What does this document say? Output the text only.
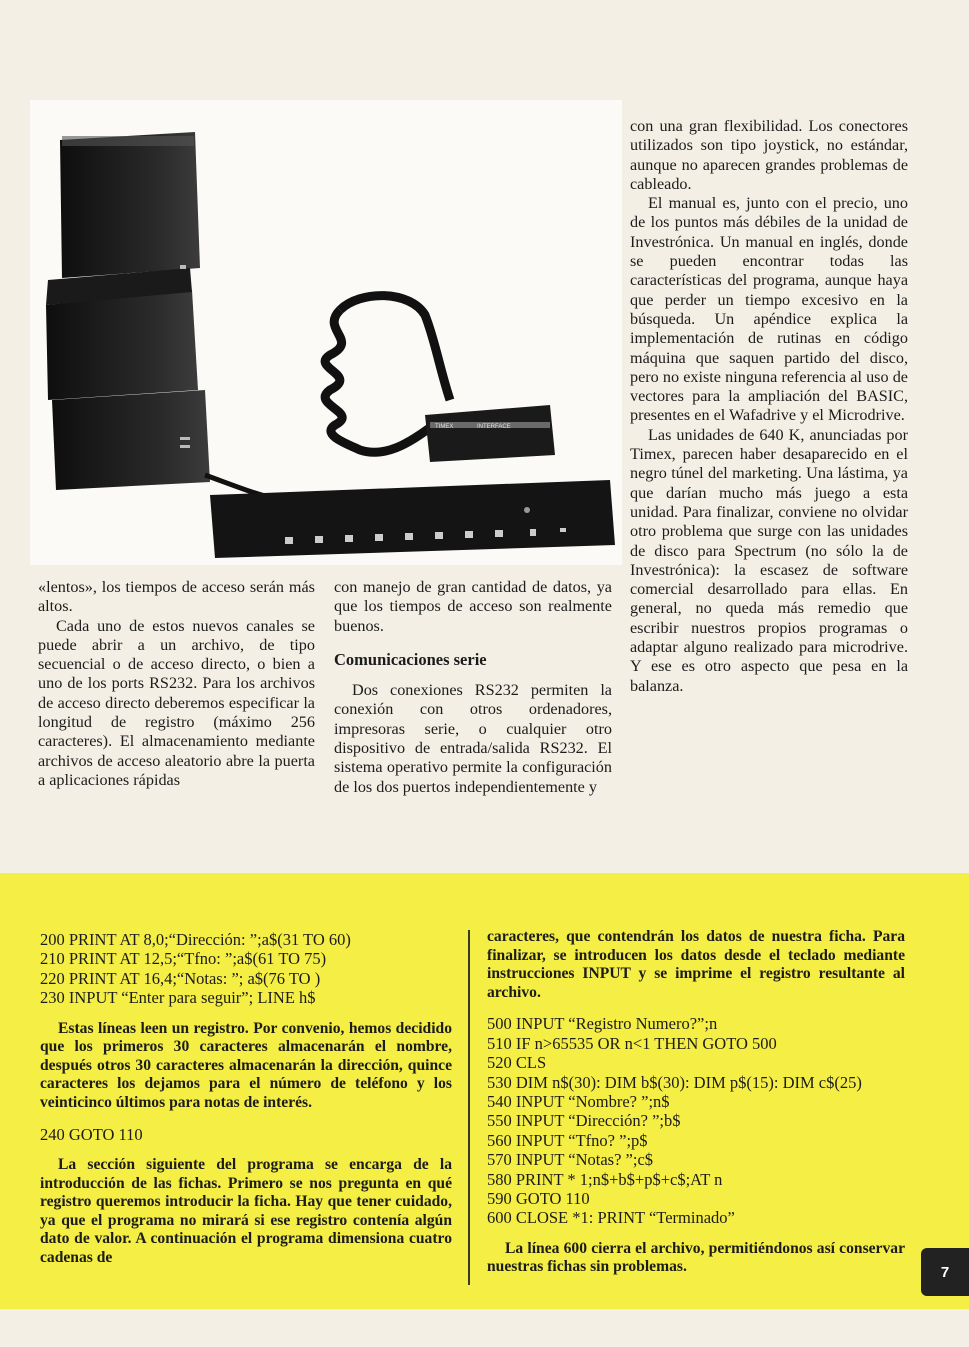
TIMEX	INTERFACE

«lentos», los tiempos de acceso serán más altos.

Cada uno de estos nuevos canales se puede abrir a un archivo, de tipo secuencial o de acceso directo, o bien a uno de los ports RS232. Para los archivos de acceso directo deberemos especificar la longitud de registro (máximo 256 caracteres). El almacenamiento mediante archivos de acceso aleatorio abre la puerta a aplicaciones rápidas

con manejo de gran cantidad de datos, ya que los tiempos de acceso son realmente buenos.

Comunicaciones serie

Dos conexiones RS232 permiten la conexión con otros ordenadores, impresoras serie, o cualquier otro dispositivo de entrada/salida RS232. El sistema operativo permite la configuración de los dos puertos independientemente y

con una gran flexibilidad. Los conectores utilizados son tipo joystick, no estándar, aunque no aparecen grandes problemas de cableado.

El manual es, junto con el precio, uno de los puntos más débiles de la unidad de Investrónica. Un manual en inglés, donde se pueden encontrar todas las características del programa, aunque haya que perder un tiempo excesivo en la búsqueda. Un apéndice explica la implementación de rutinas en código máquina que saquen partido del disco, pero no existe ninguna referencia al uso de vectores para la ampliación del BASIC, presentes en el Wafadrive y el Microdrive.

Las unidades de 640 K, anunciadas por Timex, parecen haber desaparecido en el negro túnel del marketing. Una lástima, ya que darían mucho más juego a esta unidad. Para finalizar, conviene no olvidar otro problema que surge con las unidades de disco para Spectrum (no sólo la de Investrónica): la escasez de software comercial desarrollado para ellas. En general, no queda más remedio que escribir nuestros propios programas o adaptar alguno realizado para microdrive. Y ese es otro aspecto que pesa en la balanza.

200 PRINT AT 8,0;“Dirección: ”;a$(31 TO 60)

210 PRINT AT 12,5;“Tfno: ”;a$(61 TO 75)

220 PRINT AT 16,4;“Notas: ”; a$(76 TO )

230 INPUT “Enter para seguir”; LINE h$

Estas líneas leen un registro. Por convenio, hemos decidido que los primeros 30 caracteres almacenarán el nombre, después otros 30 caracteres almacenarán la dirección, quince caracteres los dejamos para el número de teléfono y los veinticinco últimos para notas de interés.

240 GOTO 110

La sección siguiente del programa se encarga de la introducción de las fichas. Primero se nos pregunta en qué registro queremos introducir la ficha. Hay que tener cuidado, ya que el programa no mirará si ese registro contenía algún dato de valor. A continuación el programa dimensiona cuatro cadenas de

caracteres, que contendrán los datos de nuestra ficha. Para finalizar, se introducen los datos desde el teclado mediante instrucciones INPUT y se imprime el registro resultante al archivo.

500 INPUT “Registro Numero?”;n

510 IF n>65535 OR n<1 THEN GOTO 500

520 CLS

530 DIM n$(30): DIM b$(30): DIM p$(15): DIM c$(25)

540 INPUT “Nombre? ”;n$

550 INPUT “Dirección? ”;b$

560 INPUT “Tfno? ”;p$

570 INPUT “Notas? ”;c$

580 PRINT * 1;n$+b$+p$+c$;AT n

590 GOTO 110

600 CLOSE *1: PRINT “Terminado”

La línea 600 cierra el archivo, permitiéndonos así conservar nuestras fichas sin problemas.	7
